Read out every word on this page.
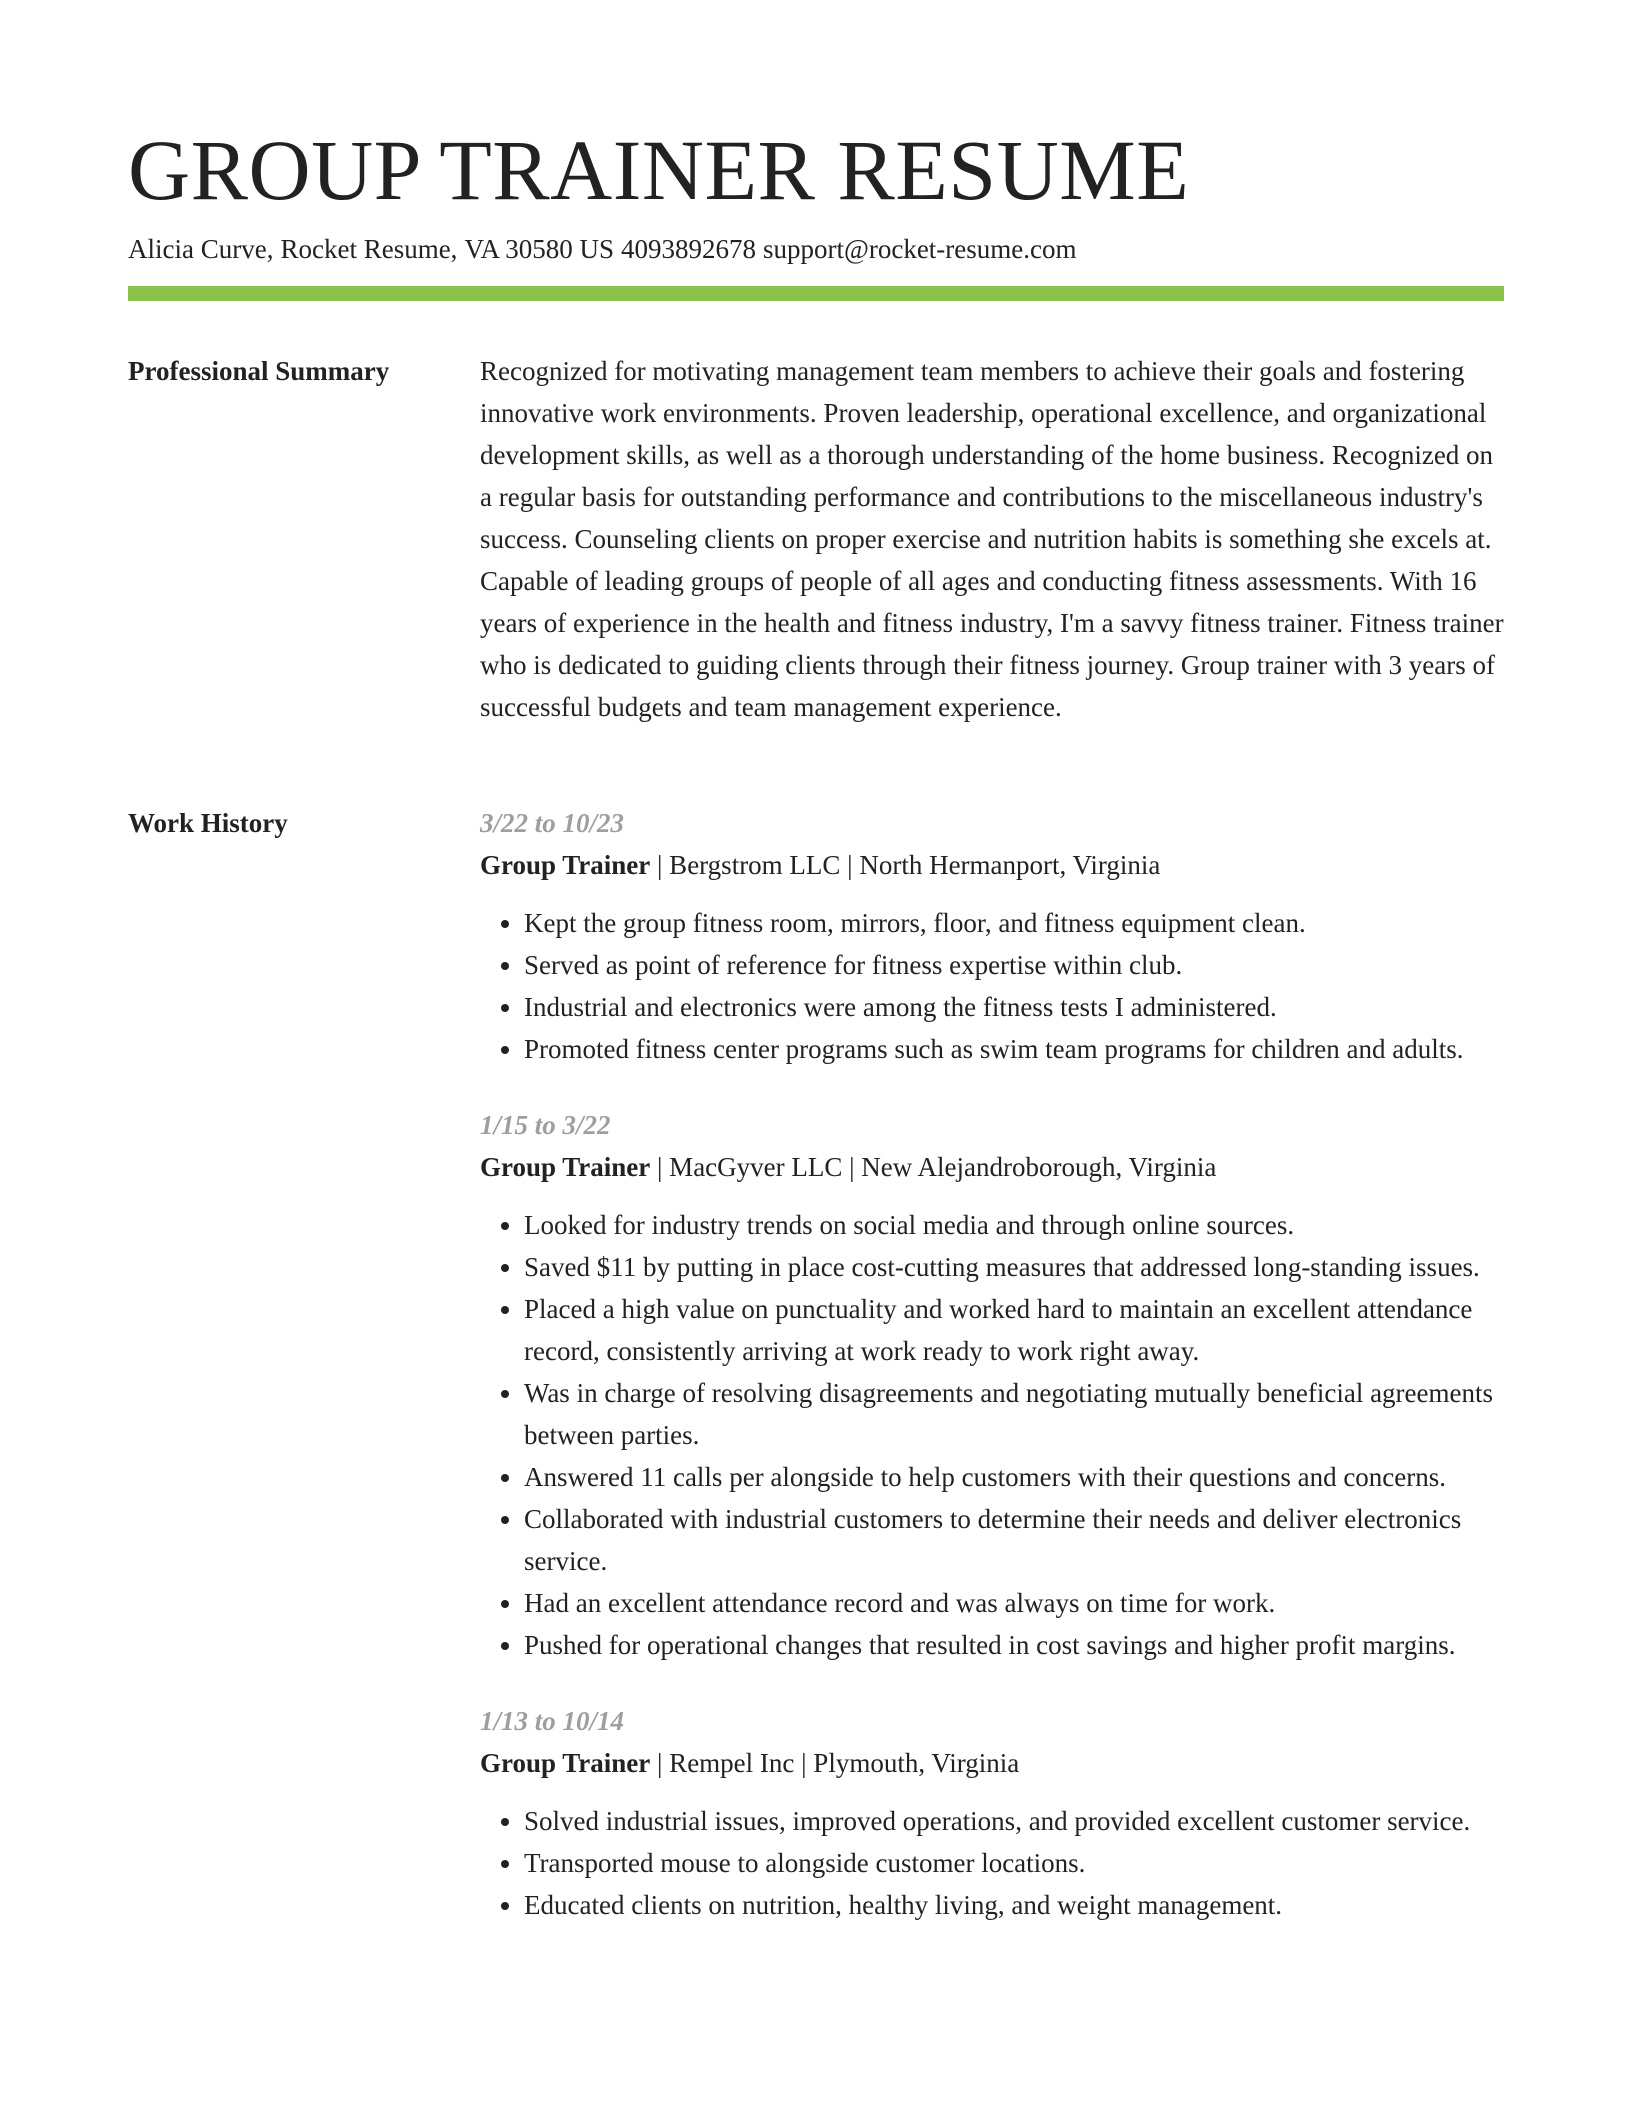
GROUP TRAINER RESUME
Alicia Curve, Rocket Resume, VA 30580 US 4093892678 support@rocket-resume.com
Professional Summary	Recognized for motivating management team members to achieve their goals and fostering innovative work environments. Proven leadership, operational excellence, and organizational development skills, as well as a thorough understanding of the home business. Recognized on a regular basis for outstanding performance and contributions to the miscellaneous industry's success. Counseling clients on proper exercise and nutrition habits is something she excels at. Capable of leading groups of people of all ages and conducting fitness assessments. With 16 years of experience in the health and fitness industry, I'm a savvy fitness trainer. Fitness trainer who is dedicated to guiding clients through their fitness journey. Group trainer with 3 years of successful budgets and team management experience.

Work History	3/22 to 10/23
Group Trainer | Bergstrom LLC | North Hermanport, Virginia
• Kept the group fitness room, mirrors, floor, and fitness equipment clean.
• Served as point of reference for fitness expertise within club.
• Industrial and electronics were among the fitness tests I administered.
• Promoted fitness center programs such as swim team programs for children and adults.
1/15 to 3/22
Group Trainer | MacGyver LLC | New Alejandroborough, Virginia
• Looked for industry trends on social media and through online sources.
• Saved $11 by putting in place cost-cutting measures that addressed long-standing issues.
• Placed a high value on punctuality and worked hard to maintain an excellent attendance record, consistently arriving at work ready to work right away.
• Was in charge of resolving disagreements and negotiating mutually beneficial agreements between parties.
• Answered 11 calls per alongside to help customers with their questions and concerns.
• Collaborated with industrial customers to determine their needs and deliver electronics service.
• Had an excellent attendance record and was always on time for work.
• Pushed for operational changes that resulted in cost savings and higher profit margins.
1/13 to 10/14
Group Trainer | Rempel Inc | Plymouth, Virginia
• Solved industrial issues, improved operations, and provided excellent customer service.
• Transported mouse to alongside customer locations.
• Educated clients on nutrition, healthy living, and weight management.
